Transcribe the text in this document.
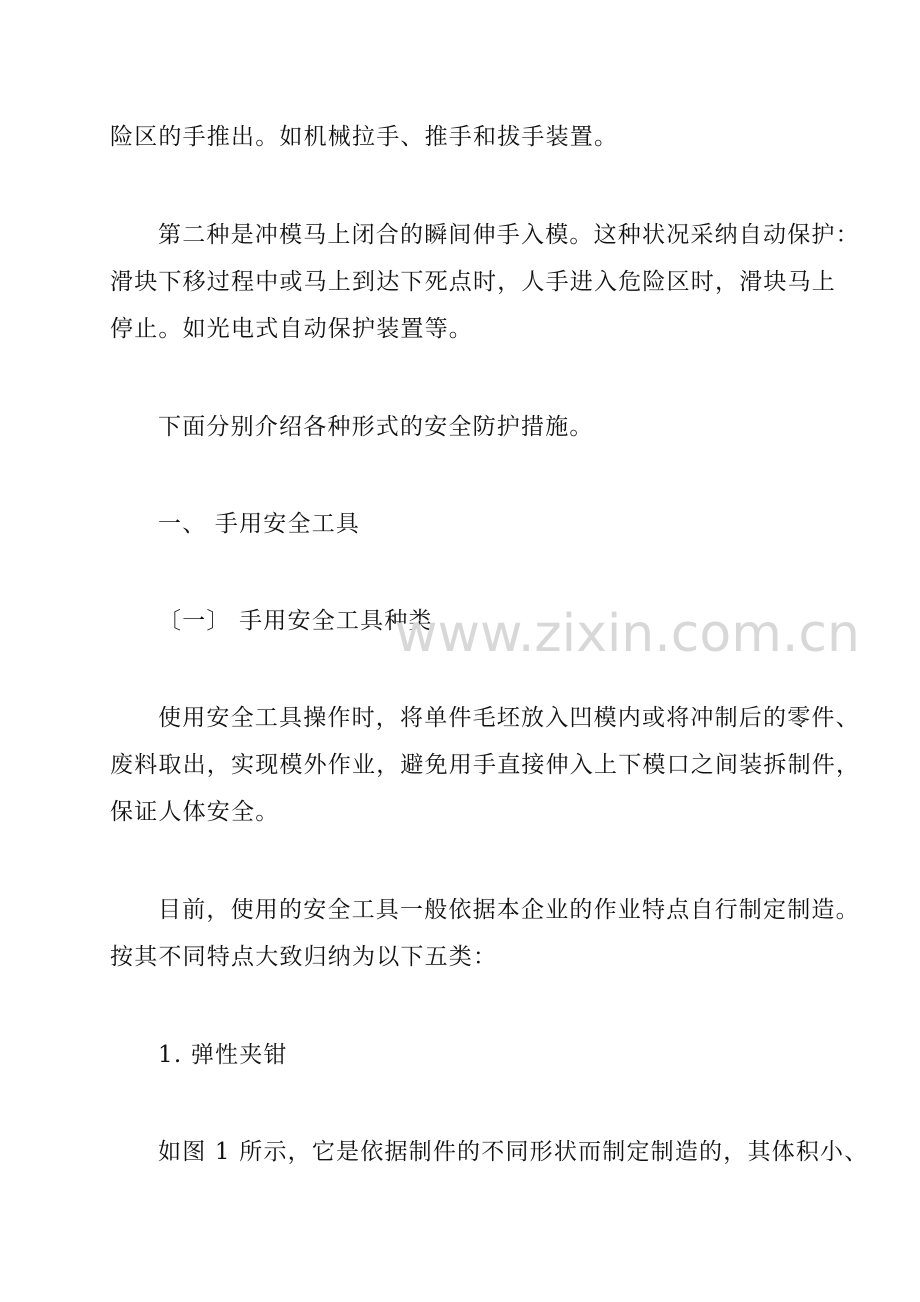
险区的手推出。如机械拉手、推手和拔手装置。
第二种是冲模马上闭合的瞬间伸手入模。这种状况采纳自动保护：
滑块下移过程中或马上到达下死点时，人手进入危险区时，滑块马上
停止。如光电式自动保护装置等。
下面分别介绍各种形式的安全防护措施。
一、 手用安全工具
〔一〕 手用安全工具种类
使用安全工具操作时，将单件毛坯放入凹模内或将冲制后的零件、
废料取出，实现模外作业，避免用手直接伸入上下模口之间装拆制件，
保证人体安全。
目前，使用的安全工具一般依据本企业的作业特点自行制定制造。
按其不同特点大致归纳为以下五类：
1. 弹性夹钳
如图 1 所示，它是依据制件的不同形状而制定制造的，其体积小、
www.zixin.com.cn
